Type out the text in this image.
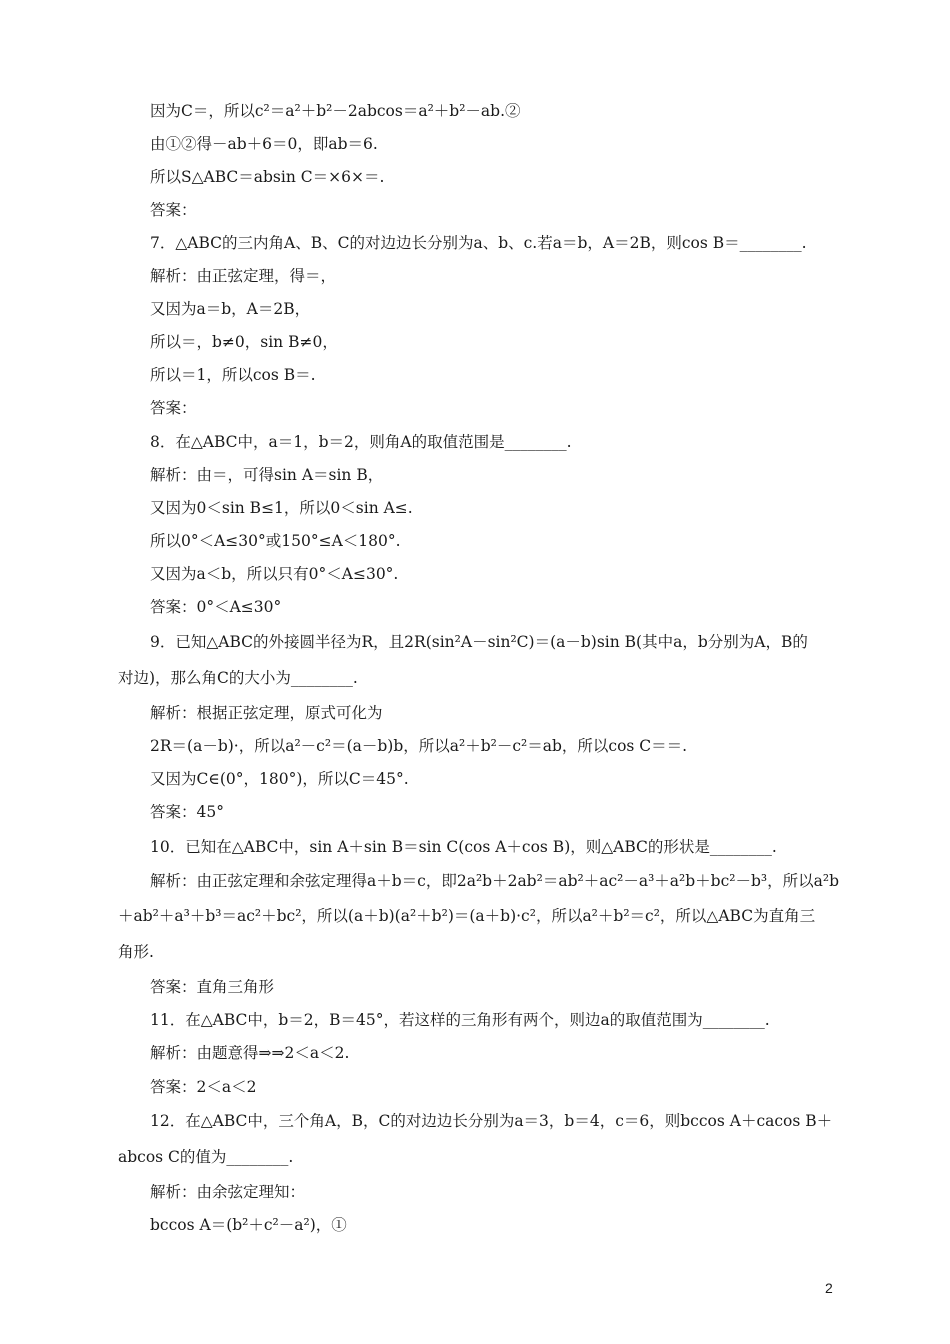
因为C＝，所以c²＝a²＋b²－2abcos＝a²＋b²－ab.②
由①②得－ab＋6＝0，即ab＝6.
所以S△ABC＝absin C＝×6×＝.
答案：
7．△ABC的三内角A、B、C的对边边长分别为a、b、c.若a＝b，A＝2B，则cos B＝________.
解析：由正弦定理，得＝，
又因为a＝b，A＝2B，
所以＝，b≠0，sin B≠0，
所以＝1，所以cos B＝.
答案：
8．在△ABC中，a＝1，b＝2，则角A的取值范围是________.
解析：由＝，可得sin A＝sin B，
又因为0＜sin B≤1，所以0＜sin A≤.
所以0°＜A≤30°或150°≤A＜180°.
又因为a＜b，所以只有0°＜A≤30°.
答案：0°＜A≤30°
9．已知△ABC的外接圆半径为R，且2R(sin²A－sin²C)＝(a－b)sin B(其中a，b分别为A，B的
对边)，那么角C的大小为________.
解析：根据正弦定理，原式可化为
2R＝(a－b)·，所以a²－c²＝(a－b)b，所以a²＋b²－c²＝ab，所以cos C＝＝.
又因为C∈(0°，180°)，所以C＝45°.
答案：45°
10．已知在△ABC中，sin A＋sin B＝sin C(cos A＋cos B)，则△ABC的形状是________.
解析：由正弦定理和余弦定理得a＋b＝c，即2a²b＋2ab²＝ab²＋ac²－a³＋a²b＋bc²－b³，所以a²b
＋ab²＋a³＋b³＝ac²＋bc²，所以(a＋b)(a²＋b²)＝(a＋b)·c²，所以a²＋b²＝c²，所以△ABC为直角三
角形.
答案：直角三角形
11．在△ABC中，b＝2，B＝45°，若这样的三角形有两个，则边a的取值范围为________.
解析：由题意得⇒⇒2＜a＜2.
答案：2＜a＜2
12．在△ABC中，三个角A，B，C的对边边长分别为a＝3，b＝4，c＝6，则bccos A＋cacos B＋
abcos C的值为________.
解析：由余弦定理知：
bccos A＝(b²＋c²－a²)，①
2
